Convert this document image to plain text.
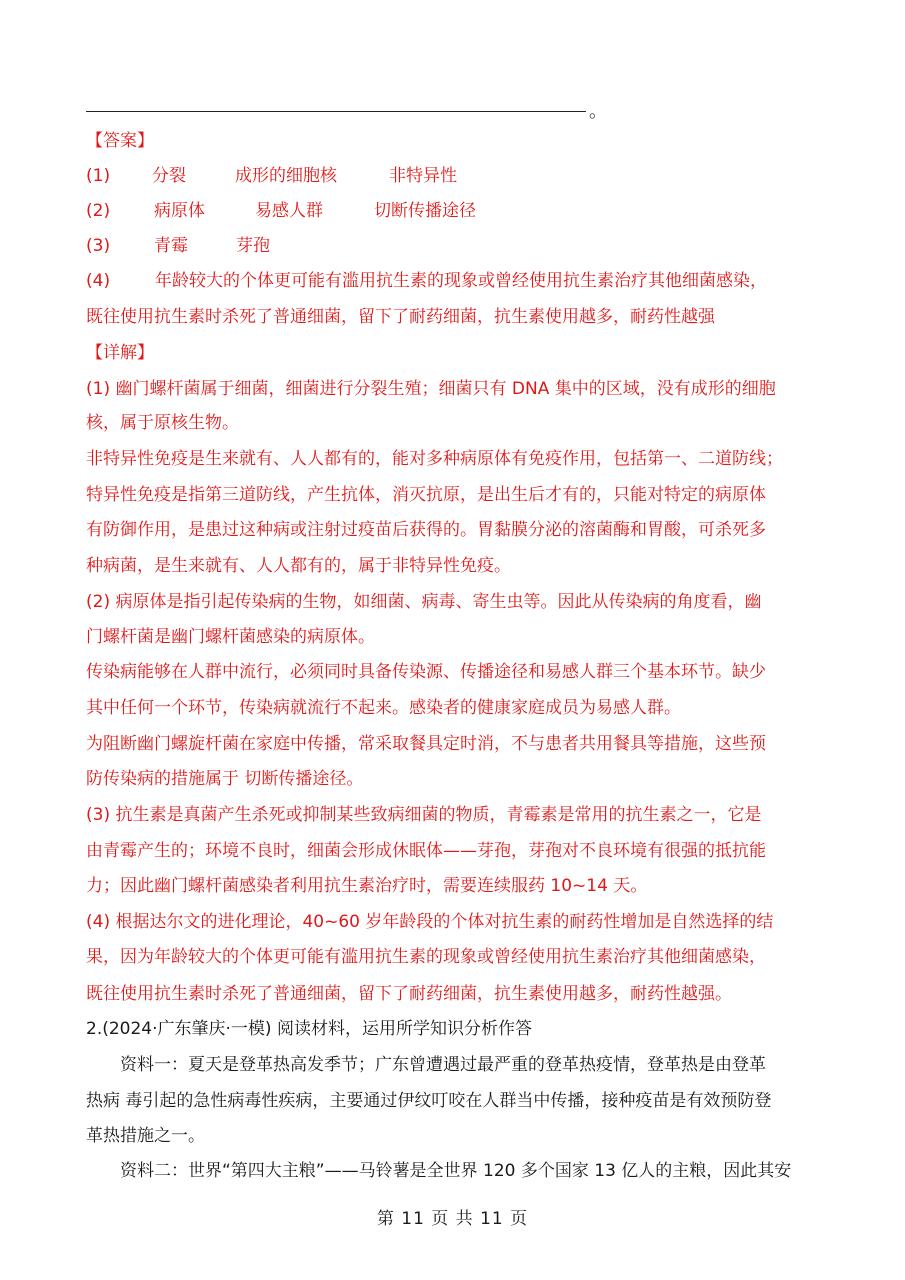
。
【答案】
(1) 分裂	成形的细胞核	非特异性
(2)	病原体	易感人群	切断传播途径
(3)	青霉	芽孢
(4)	年龄较大的个体更可能有滥用抗生素的现象或曾经使用抗生素治疗其他细菌感染，
既往使用抗生素时杀死了普通细菌，留下了耐药细菌，抗生素使用越多，耐药性越强
【详解】
(1) 幽门螺杆菌属于细菌，细菌进行分裂生殖；细菌只有 DNA 集中的区域，没有成形的细胞
核，属于原核生物。
非特异性免疫是生来就有、人人都有的，能对多种病原体有免疫作用，包括第一、二道防线；
特异性免疫是指第三道防线，产生抗体，消灭抗原，是出生后才有的，只能对特定的病原体
有防御作用，是患过这种病或注射过疫苗后获得的。胃黏膜分泌的溶菌酶和胃酸，可杀死多
种病菌，是生来就有、人人都有的，属于非特异性免疫。
(2) 病原体是指引起传染病的生物，如细菌、病毒、寄生虫等。因此从传染病的角度看，幽
门螺杆菌是幽门螺杆菌感染的病原体。
传染病能够在人群中流行，必须同时具备传染源、传播途径和易感人群三个基本环节。缺少
其中任何一个环节，传染病就流行不起来。感染者的健康家庭成员为易感人群。
为阻断幽门螺旋杆菌在家庭中传播，常采取餐具定时消，不与患者共用餐具等措施，这些预
防传染病的措施属于 切断传播途径。
(3) 抗生素是真菌产生杀死或抑制某些致病细菌的物质，青霉素是常用的抗生素之一，它是
由青霉产生的；环境不良时，细菌会形成休眠体——芽孢，芽孢对不良环境有很强的抵抗能
力；因此幽门螺杆菌感染者利用抗生素治疗时，需要连续服药 10~14 天。
(4) 根据达尔文的进化理论，40~60 岁年龄段的个体对抗生素的耐药性增加是自然选择的结
果，因为年龄较大的个体更可能有滥用抗生素的现象或曾经使用抗生素治疗其他细菌感染，
既往使用抗生素时杀死了普通细菌，留下了耐药细菌，抗生素使用越多，耐药性越强。
2.(2024·广东肇庆·一模) 阅读材料，运用所学知识分析作答
资料一：夏天是登革热高发季节；广东曾遭遇过最严重的登革热疫情，登革热是由登革
热病 毒引起的急性病毒性疾病，主要通过伊纹叮咬在人群当中传播，接种疫苗是有效预防登
革热措施之一。
资料二：世界“第四大主粮”——马铃薯是全世界 120 多个国家 13 亿人的主粮，因此其安
第 11 页 共 11 页
